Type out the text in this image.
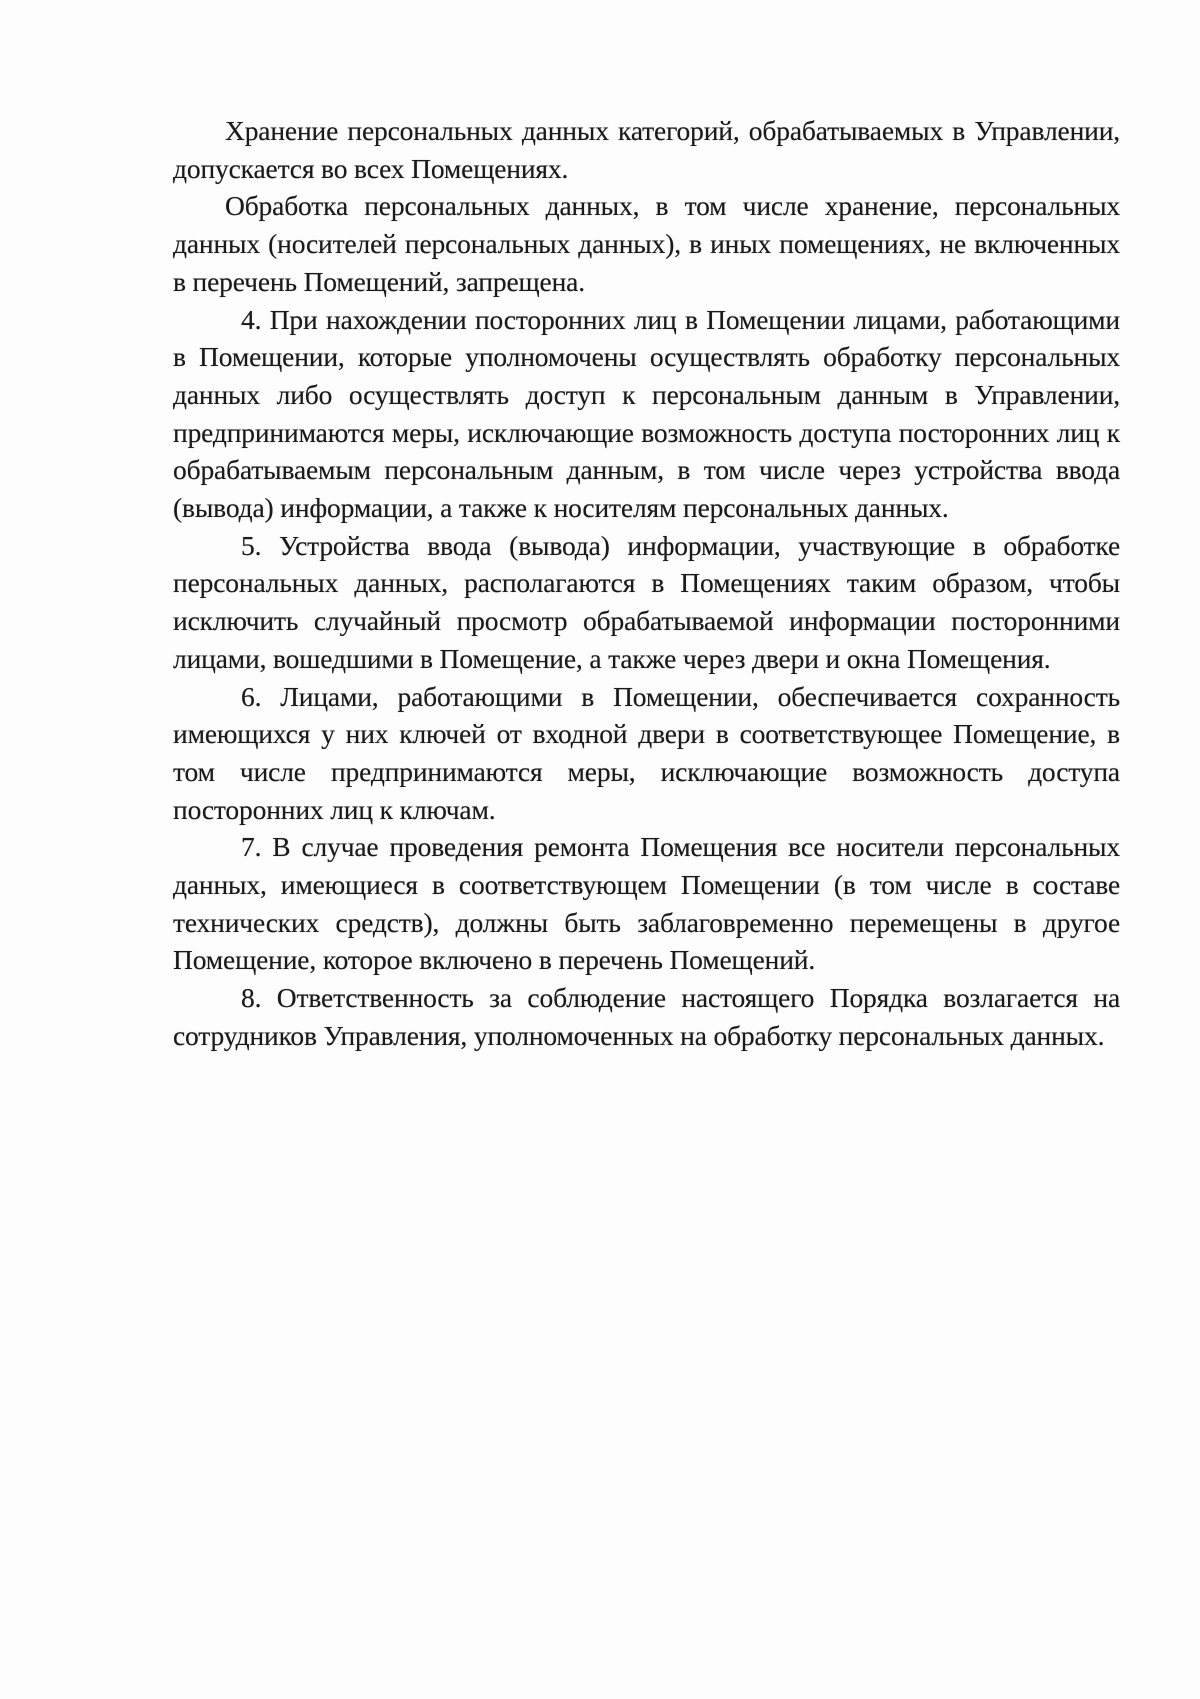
Хранение персональных данных категорий, обрабатываемых в Управлении, допускается во всех Помещениях.

Обработка персональных данных, в том числе хранение, персональных данных (носителей персональных данных), в иных помещениях, не включенных в перечень Помещений, запрещена.

4. При нахождении посторонних лиц в Помещении лицами, работающими в Помещении, которые уполномочены осуществлять обработку персональных данных либо осуществлять доступ к персональным данным в Управлении, предпринимаются меры, исключающие возможность доступа посторонних лиц к обрабатываемым персональным данным, в том числе через устройства ввода (вывода) информации, а также к носителям персональных данных.

5. Устройства ввода (вывода) информации, участвующие в обработке персональных данных, располагаются в Помещениях таким образом, чтобы исключить случайный просмотр обрабатываемой информации посторонними лицами, вошедшими в Помещение, а также через двери и окна Помещения.

6. Лицами, работающими в Помещении, обеспечивается сохранность имеющихся у них ключей от входной двери в соответствующее Помещение, в том числе предпринимаются меры, исключающие возможность доступа посторонних лиц к ключам.

7. В случае проведения ремонта Помещения все носители персональных данных, имеющиеся в соответствующем Помещении (в том числе в составе технических средств), должны быть заблаговременно перемещены в другое Помещение, которое включено в перечень Помещений.

8. Ответственность за соблюдение настоящего Порядка возлагается на сотрудников Управления, уполномоченных на обработку персональных данных.
